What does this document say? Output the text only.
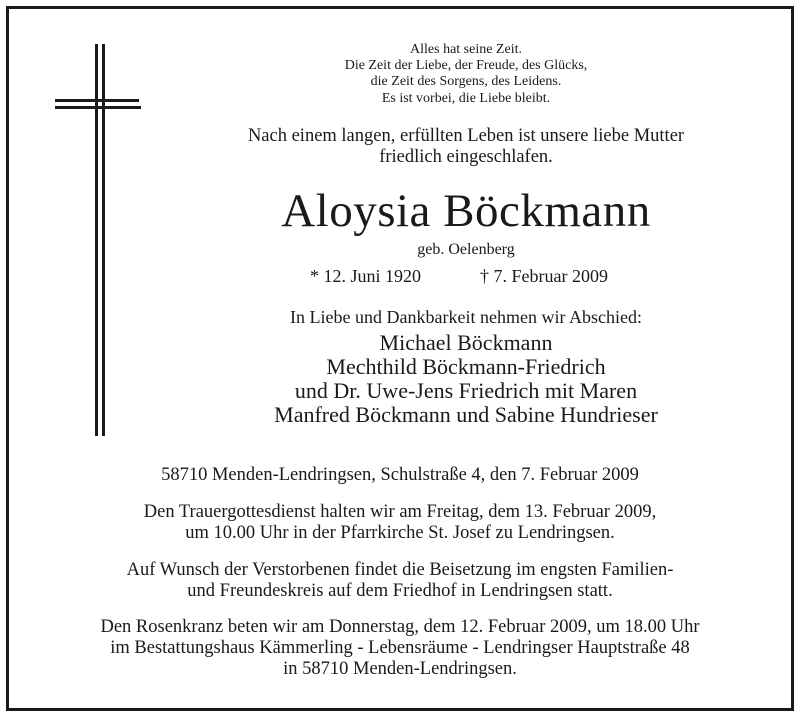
Alles hat seine Zeit.
Die Zeit der Liebe, der Freude, des Glücks,
die Zeit des Sorgens, des Leidens.
Es ist vorbei, die Liebe bleibt.
Nach einem langen, erfüllten Leben ist unsere liebe Mutter
friedlich eingeschlafen.
Aloysia Böckmann
geb. Oelenberg
* 12. Juni 1920	† 7. Februar 2009
In Liebe und Dankbarkeit nehmen wir Abschied:
Michael Böckmann
Mechthild Böckmann-Friedrich
und Dr. Uwe-Jens Friedrich mit Maren
Manfred Böckmann und Sabine Hundrieser
58710 Menden-Lendringsen, Schulstraße 4, den 7. Februar 2009
Den Trauergottesdienst halten wir am Freitag, dem 13. Februar 2009,
um 10.00 Uhr in der Pfarrkirche St. Josef zu Lendringsen.
Auf Wunsch der Verstorbenen findet die Beisetzung im engsten Familien-
und Freundeskreis auf dem Friedhof in Lendringsen statt.
Den Rosenkranz beten wir am Donnerstag, dem 12. Februar 2009, um 18.00 Uhr
im Bestattungshaus Kämmerling - Lebensräume - Lendringser Hauptstraße 48
in 58710 Menden-Lendringsen.
